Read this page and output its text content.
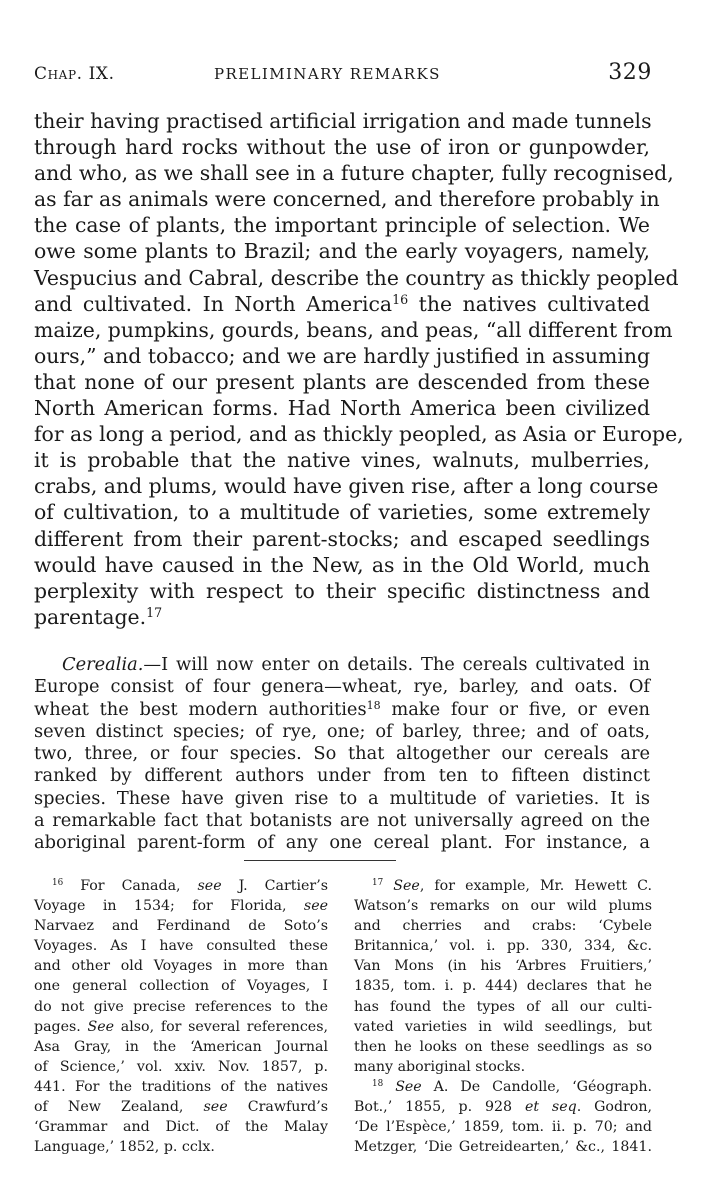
Chap. IX.	PRELIMINARY REMARKS	329
their having practised artificial irrigation and made tunnels
through hard rocks without the use of iron or gunpowder,
and who, as we shall see in a future chapter, fully recognised,
as far as animals were concerned, and therefore probably in
the case of plants, the important principle of selection. We
owe some plants to Brazil; and the early voyagers, namely,
Vespucius and Cabral, describe the country as thickly peopled
and cultivated. In North America$^{16}$ the natives cultivated
maize, pumpkins, gourds, beans, and peas, “all different from
ours,” and tobacco; and we are hardly justified in assuming
that none of our present plants are descended from these
North American forms. Had North America been civilized
for as long a period, and as thickly peopled, as Asia or Europe,
it is probable that the native vines, walnuts, mulberries,
crabs, and plums, would have given rise, after a long course
of cultivation, to a multitude of varieties, some extremely
different from their parent-stocks; and escaped seedlings
would have caused in the New, as in the Old World, much
perplexity with respect to their specific distinctness and
parentage.$^{17}$
Cerealia.—I will now enter on details. The cereals cultivated in
Europe consist of four genera—wheat, rye, barley, and oats. Of
wheat the best modern authorities$^{18}$ make four or five, or even
seven distinct species; of rye, one; of barley, three; and of oats,
two, three, or four species. So that altogether our cereals are
ranked by different authors under from ten to fifteen distinct
species. These have given rise to a multitude of varieties. It is
a remarkable fact that botanists are not universally agreed on the
aboriginal parent-form of any one cereal plant. For instance, a
$^{16}$ For Canada, see J. Cartier’s
Voyage in 1534; for Florida, see
Narvaez and Ferdinand de Soto’s
Voyages. As I have consulted these
and other old Voyages in more than
one general collection of Voyages, I
do not give precise references to the
pages. See also, for several references,
Asa Gray, in the ‘American Journal
of Science,’ vol. xxiv. Nov. 1857, p.
441. For the traditions of the natives
of New Zealand, see Crawfurd’s
‘Grammar and Dict. of the Malay
Language,’ 1852, p. cclx.
$^{17}$ See, for example, Mr. Hewett C.
Watson’s remarks on our wild plums
and cherries and crabs: ‘Cybele
Britannica,’ vol. i. pp. 330, 334, &c.
Van Mons (in his ‘Arbres Fruitiers,’
1835, tom. i. p. 444) declares that he
has found the types of all our culti-
vated varieties in wild seedlings, but
then he looks on these seedlings as so
many aboriginal stocks.
$^{18}$ See A. De Candolle, ‘Géograph.
Bot.,’ 1855, p. 928 et seq. Godron,
‘De l’Espèce,’ 1859, tom. ii. p. 70; and
Metzger, ‘Die Getreidearten,’ &c., 1841.
